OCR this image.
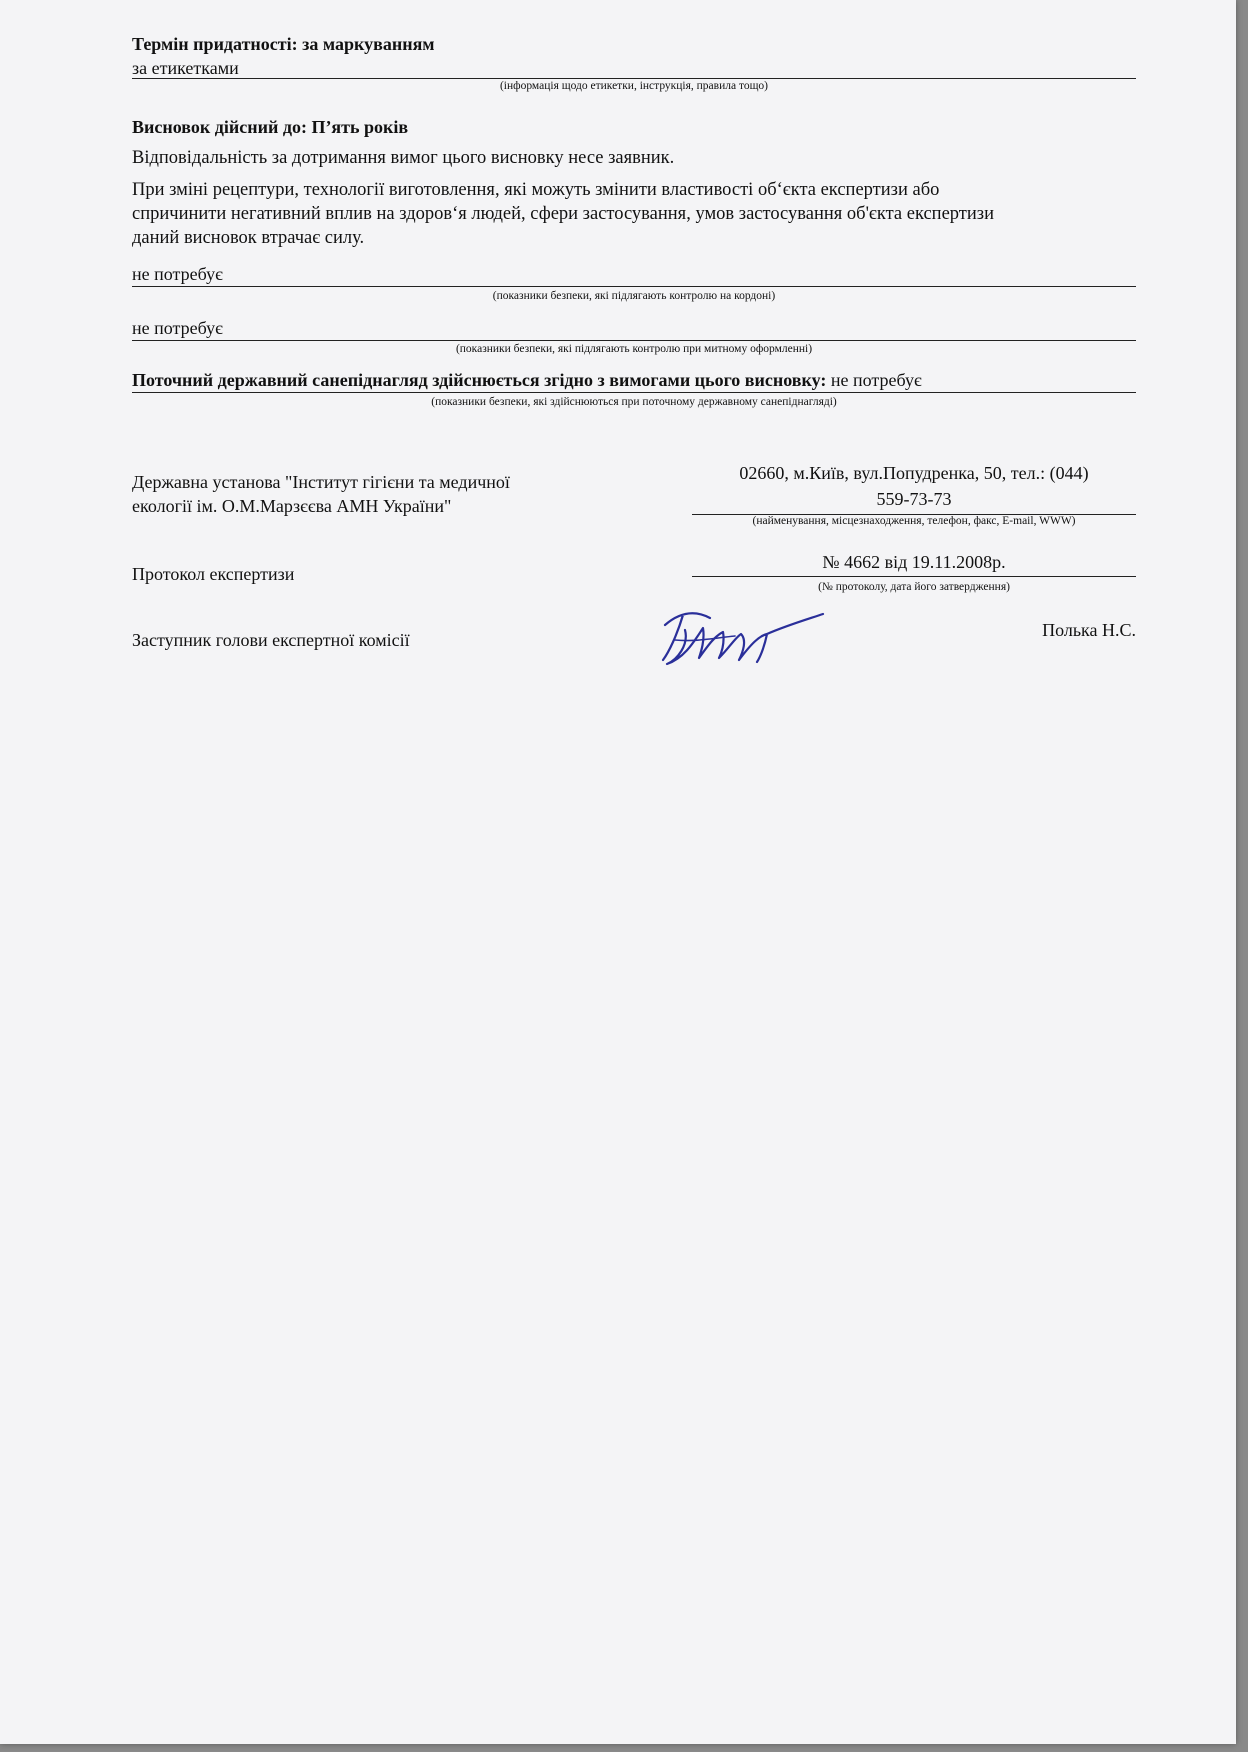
Термін придатності: за маркуванням
за етикетками
(інформація щодо етикетки, інструкція, правила тощо)
Висновок дійсний до: П’ять років
Відповідальність за дотримання вимог цього висновку несе заявник.
При зміні рецептури, технології виготовлення, які можуть змінити властивості об‘єкта експертизи або
спричинити негативний вплив на здоров‘я людей, сфери застосування, умов застосування об'єкта експертизи
даний висновок втрачає силу.
не потребує
(показники безпеки, які підлягають контролю на кордоні)
не потребує
(показники безпеки, які підлягають контролю при митному оформленні)
Поточний державний санепіднагляд здійснюється згідно з вимогами цього висновку: не потребує
(показники безпеки, які здійснюються при поточному державному санепіднагляді)
Державна установа "Інститут гігієни та медичної
екології ім. О.М.Марзєєва АМН України"
02660, м.Київ, вул.Попудренка, 50, тел.: (044)
559-73-73
(найменування, місцезнаходження, телефон, факс, E-mail, WWW)
Протокол експертизи
№ 4662 від 19.11.2008р.
(№ протоколу, дата його затвердження)
Заступник голови експертної комісії	Полька Н.С.
